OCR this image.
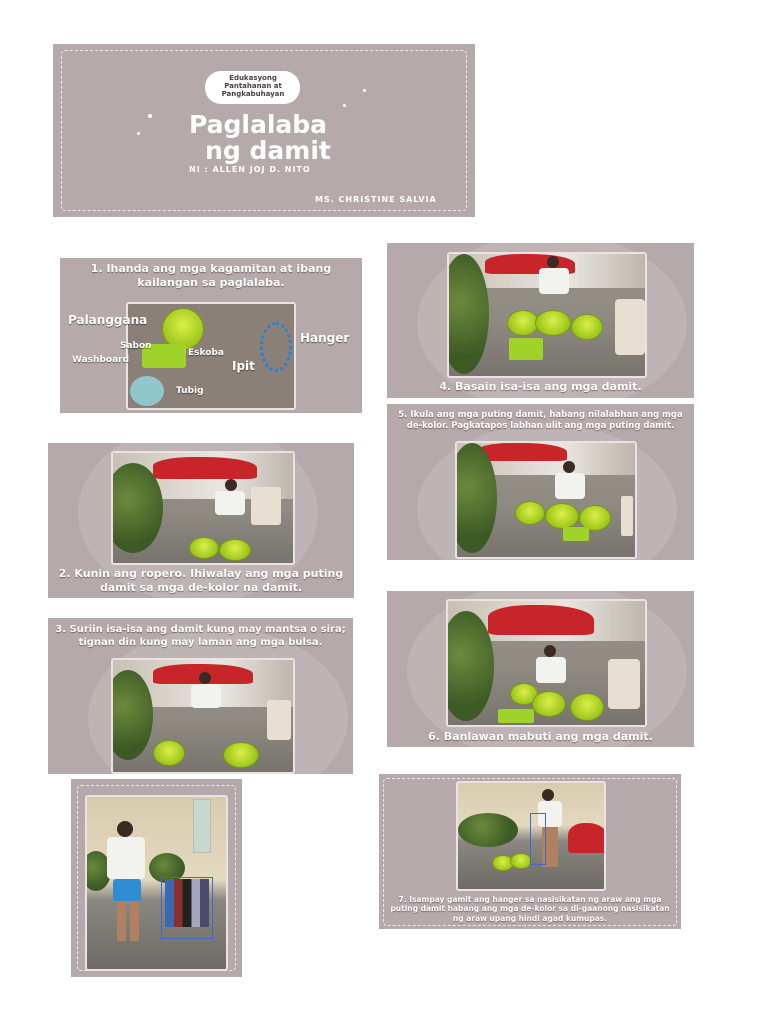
Edukasyong Pantahanan at Pangkabuhayan
Paglalaba
ng damit
NI : ALLEN JOJ D. NITO
MS. CHRISTINE SALVIA
1. Ihanda ang mga kagamitan at ibang kailangan sa paglalaba.
Palanggana
Hanger
Sabon
Washboard
Eskoba
Ipit
Tubig
2. Kunin ang ropero. Ihiwalay ang mga puting damit sa mga de-kolor na damit.
3. Suriin isa-isa ang damit kung may mantsa o sira; tignan din kung may laman ang mga bulsa.
4. Basain isa-isa ang mga damit.
5. Ikula ang mga puting damit, habang nilalabhan ang mga de-kolor. Pagkatapos labhan ulit ang mga puting damit.
6. Banlawan mabuti ang mga damit.
7. Isampay gamit ang hanger sa nasisikatan ng araw ang mga puting damit habang ang mga de-kolor sa di-gaanong nasisikatan ng araw upang hindi agad kumupas.
